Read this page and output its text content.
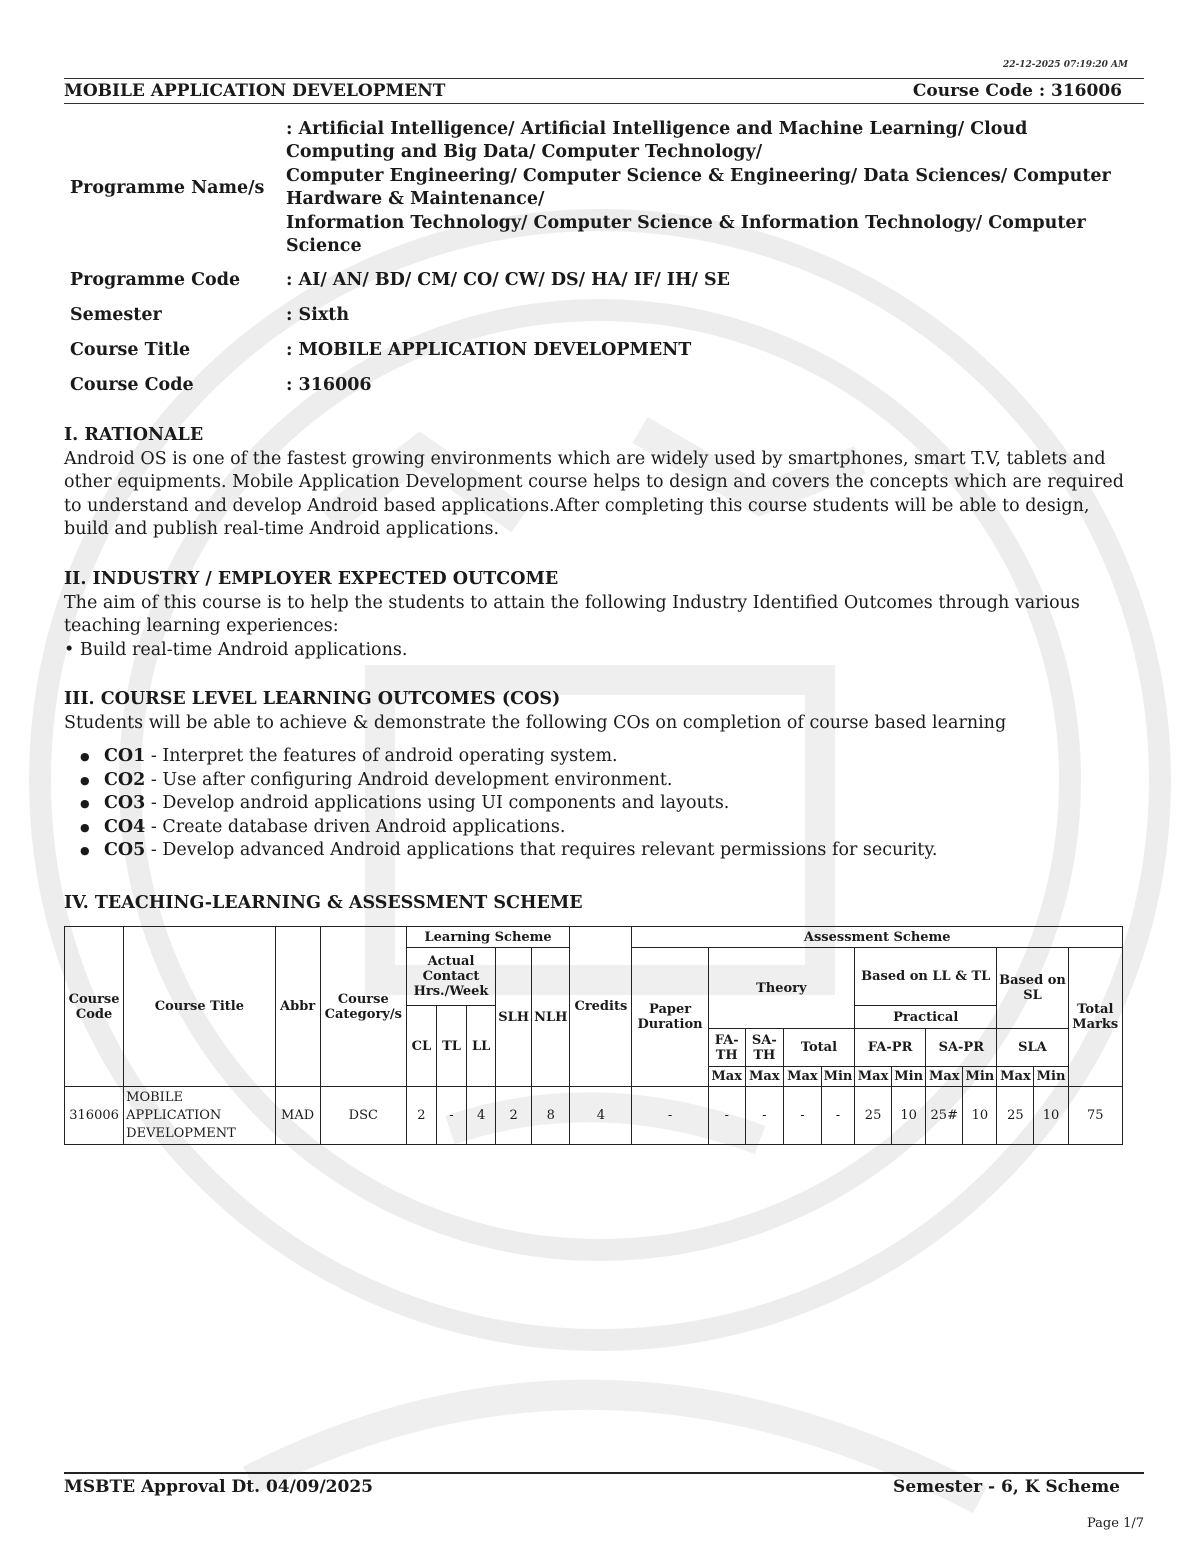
22-12-2025 07:19:20 AM
MOBILE APPLICATION DEVELOPMENT	Course Code : 316006
Programme Name/s	: Artificial Intelligence/ Artificial Intelligence and Machine Learning/ Cloud Computing and Big Data/ Computer Technology/
Computer Engineering/ Computer Science & Engineering/ Data Sciences/ Computer Hardware & Maintenance/
Information Technology/ Computer Science & Information Technology/ Computer Science

Programme Code	: AI/ AN/ BD/ CM/ CO/ CW/ DS/ HA/ IF/ IH/ SE
Semester	: Sixth
Course Title	: MOBILE APPLICATION DEVELOPMENT
Course Code	: 316006
I. RATIONALE

Android OS is one of the fastest growing environments which are widely used by smartphones, smart T.V, tablets and other equipments. Mobile Application Development course helps to design and covers the concepts which are required to understand and develop Android based applications.After completing this course students will be able to design, build and publish real-time Android applications.

II. INDUSTRY / EMPLOYER EXPECTED OUTCOME

The aim of this course is to help the students to attain the following Industry Identified Outcomes through various teaching learning experiences:

• Build real-time Android applications.

III. COURSE LEVEL LEARNING OUTCOMES (COS)

Students will be able to achieve & demonstrate the following COs on completion of course based learning

● CO1 - Interpret the features of android operating system.
● CO2 - Use after configuring Android development environment.
● CO3 - Develop android applications using UI components and layouts.
● CO4 - Create database driven Android applications.
● CO5 - Develop advanced Android applications that requires relevant permissions for security.
IV. TEACHING-LEARNING & ASSESSMENT SCHEME
Course Code	Course Title	Abbr	Course Category/s	Learning Scheme					Credits	Assessment Scheme											
				Actual Contact Hrs./Week			SLH	NLH		Paper Duration	Theory				Based on LL & TL				Based on SL		Total Marks
				CL	TL	LL									Practical						
											FA-TH	SA-TH	Total		FA-PR		SA-PR		SLA		
											Max	Max	Max	Min	Max	Min	Max	Min	Max	Min	
316006	MOBILE APPLICATION DEVELOPMENT	MAD	DSC	2	-	4	2	8	4	-	-	-	-	-	25	10	25#	10	25	10	75
MSBTE Approval Dt. 04/09/2025	Semester - 6, K Scheme
Page 1/7
